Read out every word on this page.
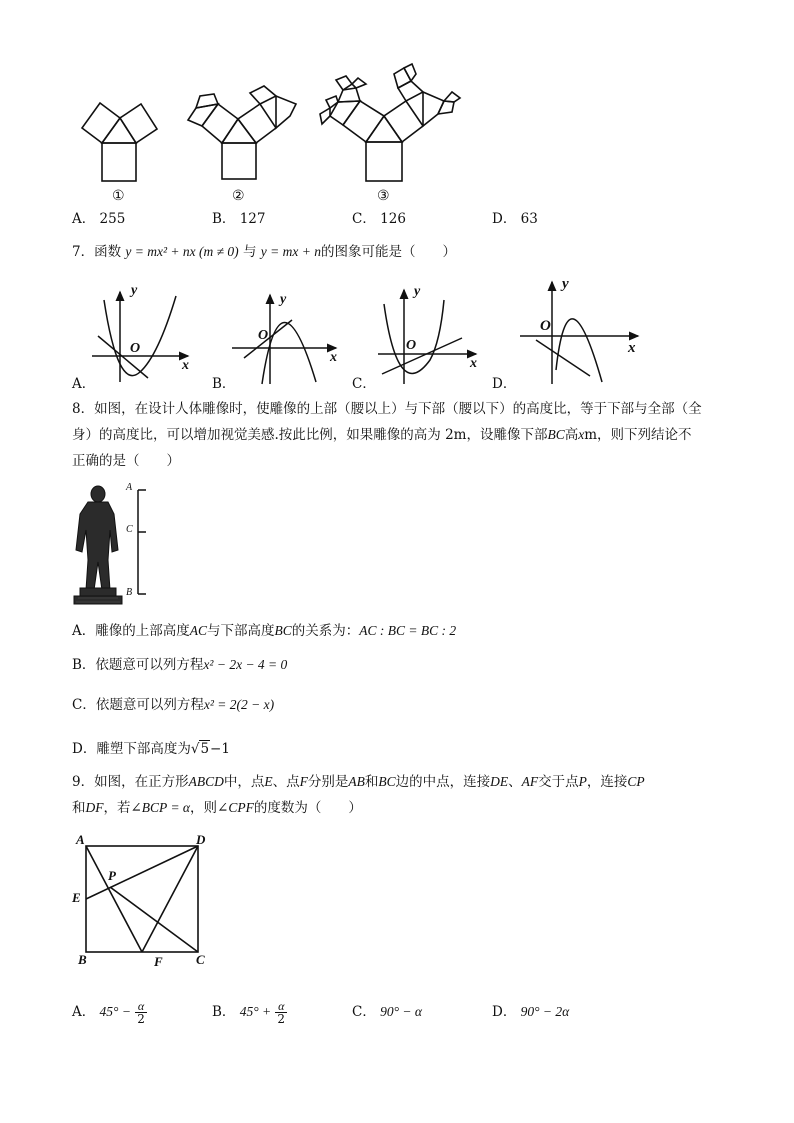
①	②	③
A． 255	B． 127	C． 126	D． 63
7．函数 y = mx² + nx (m ≠ 0) 与 y = mx + n的图象可能是（　　）
y
x
O
y
x
O
y
x
O
y
x
O
A．	B．	C．	D．
8．如图，在设计人体雕像时，使雕像的上部（腰以上）与下部（腰以下）的高度比，等于下部与全部（全
身）的高度比，可以增加视觉美感.按此比例，如果雕像的高为 2m，设雕像下部BC高xm，则下列结论不
正确的是（　　）
A
C
B
A．雕像的上部高度AC与下部高度BC的关系为：AC : BC = BC : 2
B．依题意可以列方程x² − 2x − 4 = 0
C．依题意可以列方程x² = 2(2 − x)
D．雕塑下部高度为√5−1
9．如图，在正方形ABCD中，点E、点F分别是AB和BC边的中点，连接DE、AF交于点P，连接CP
和DF，若∠BCP = α，则∠CPF的度数为（　　）
A	D
E
P
B	F	C
A． $45^\circ - \frac{\alpha}{2}$	B． $45^\circ + \frac{\alpha}{2}$	C． 90° − α	D． 90° − 2α
